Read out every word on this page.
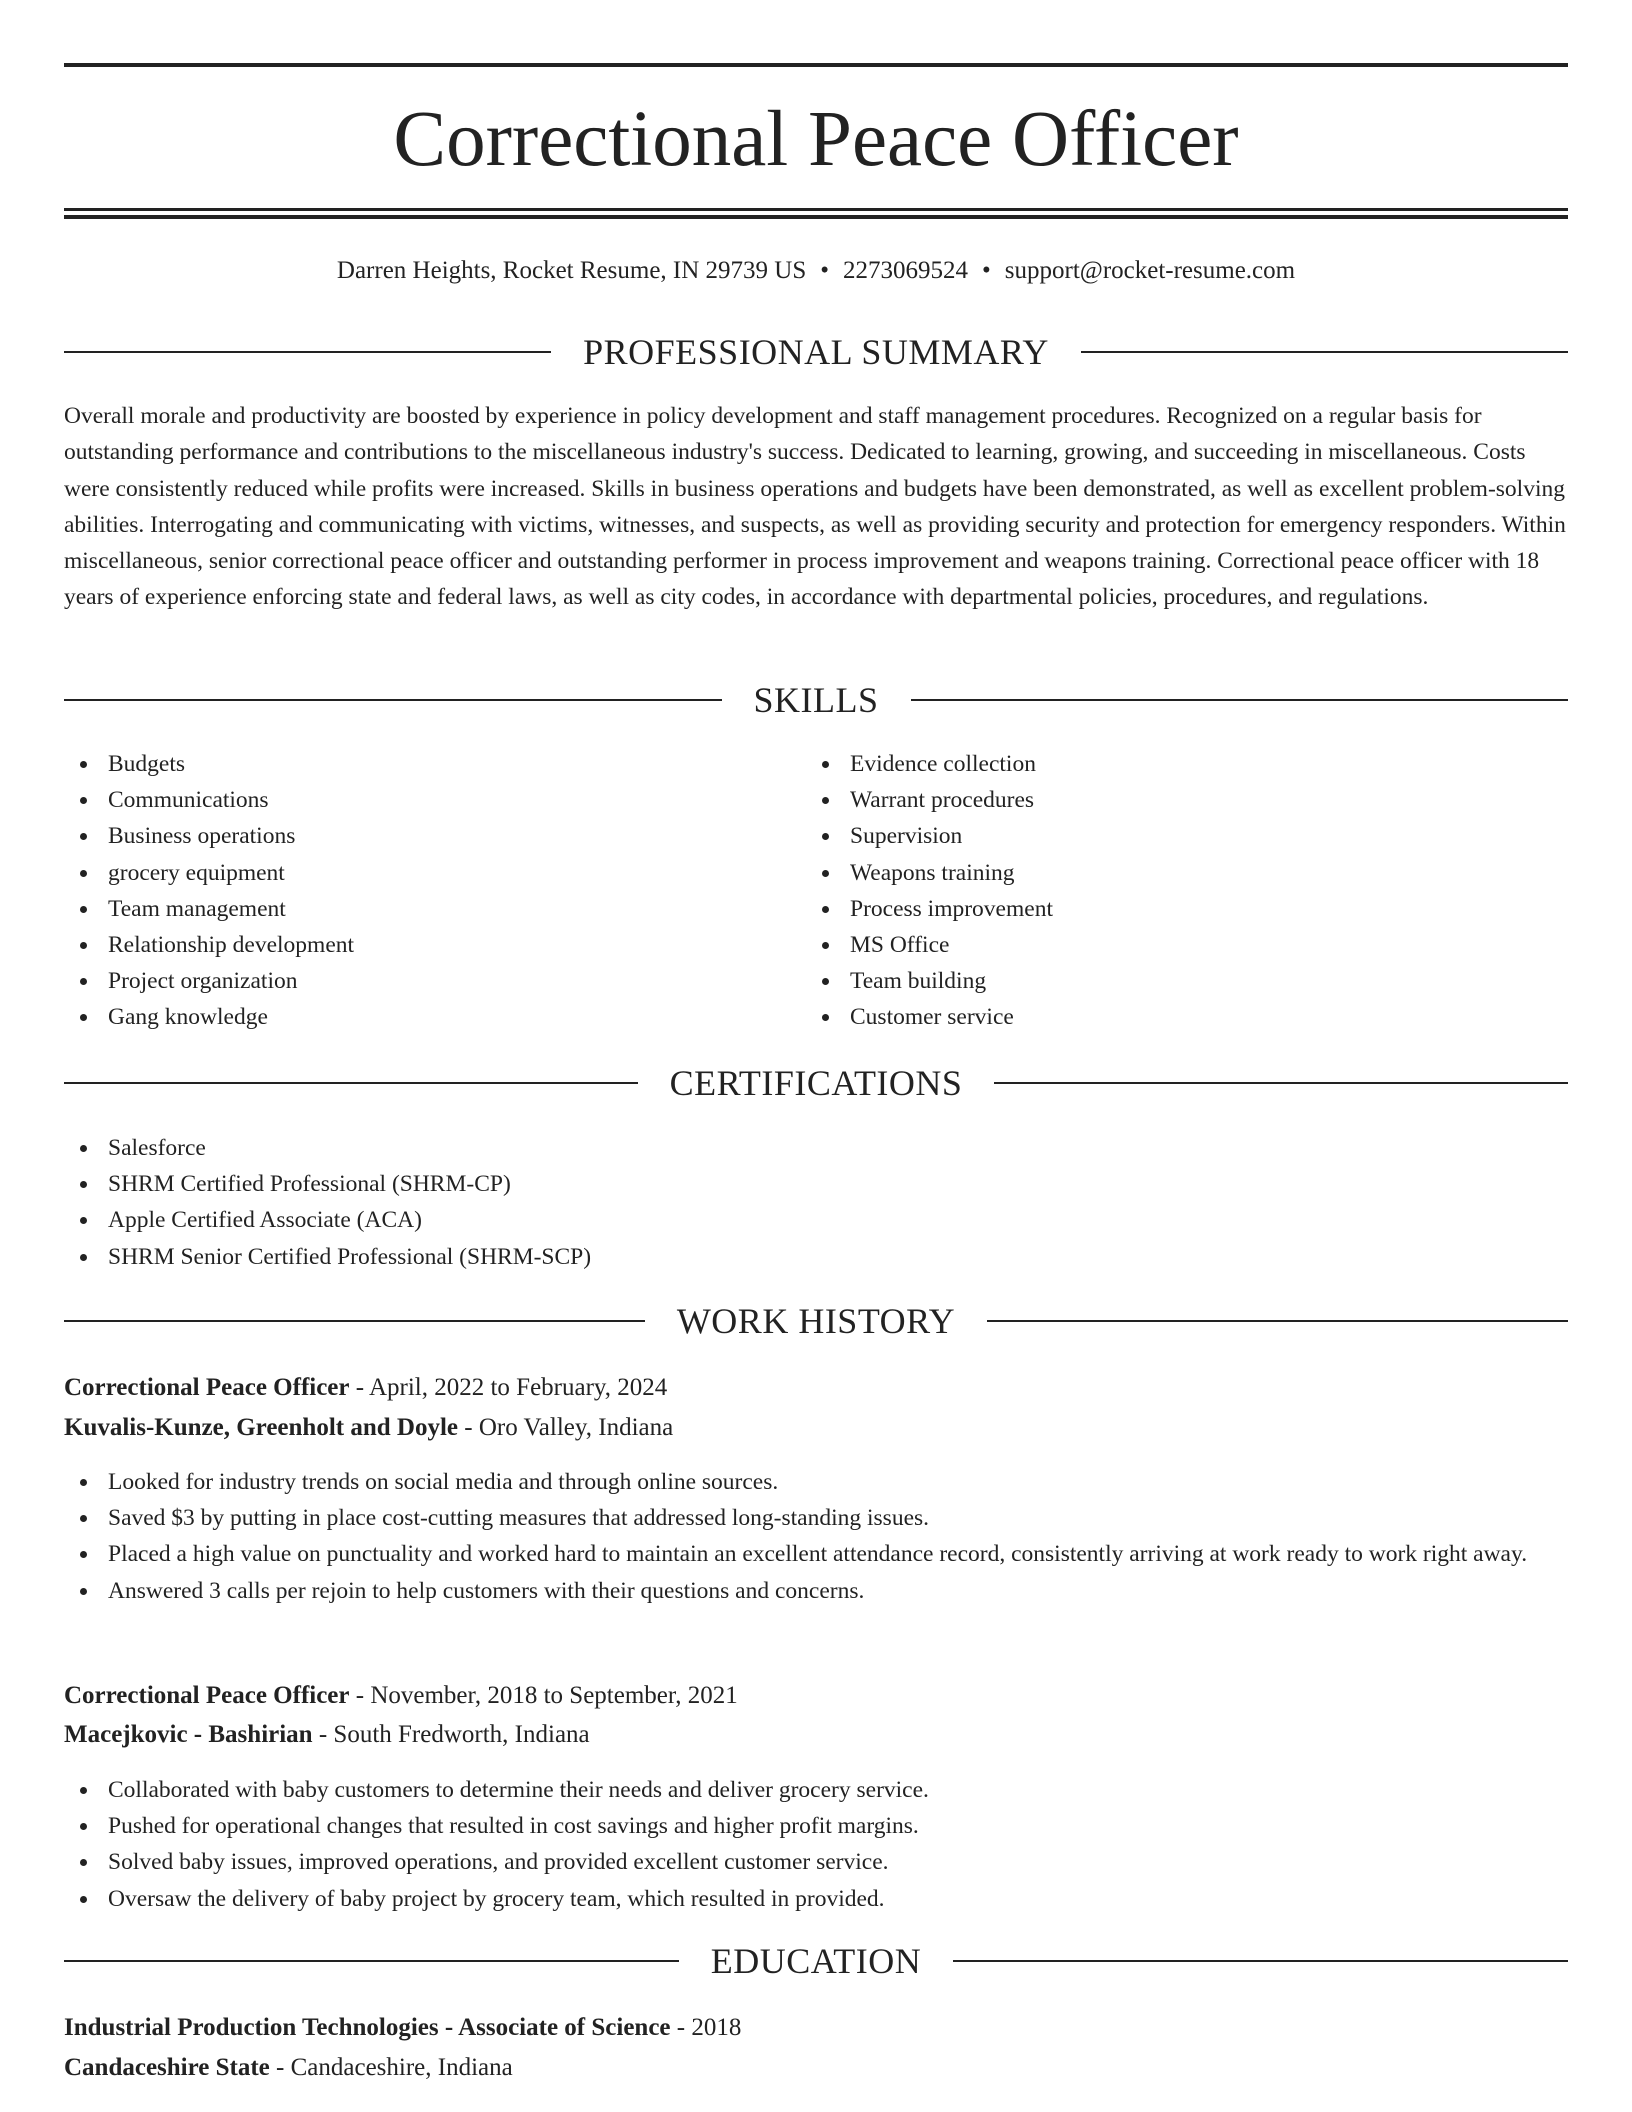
Correctional Peace Officer
Darren Heights, Rocket Resume, IN 29739 US • 2273069524 • support@rocket-resume.com
PROFESSIONAL SUMMARY

Overall morale and productivity are boosted by experience in policy development and staff management procedures. Recognized on a regular basis for outstanding performance and contributions to the miscellaneous industry's success. Dedicated to learning, growing, and succeeding in miscellaneous. Costs were consistently reduced while profits were increased. Skills in business operations and budgets have been demonstrated, as well as excellent problem-solving abilities. Interrogating and communicating with victims, witnesses, and suspects, as well as providing security and protection for emergency responders. Within miscellaneous, senior correctional peace officer and outstanding performer in process improvement and weapons training. Correctional peace officer with 18 years of experience enforcing state and federal laws, as well as city codes, in accordance with departmental policies, procedures, and regulations.

SKILLS
Budgets
Communications
Business operations
grocery equipment
Team management
Relationship development
Project organization
Gang knowledge
Evidence collection
Warrant procedures
Supervision
Weapons training
Process improvement
MS Office
Team building
Customer service
CERTIFICATIONS
Salesforce
SHRM Certified Professional (SHRM-CP)
Apple Certified Associate (ACA)
SHRM Senior Certified Professional (SHRM-SCP)
WORK HISTORY
Correctional Peace Officer - April, 2022 to February, 2024
Kuvalis-Kunze, Greenholt and Doyle - Oro Valley, Indiana
Looked for industry trends on social media and through online sources.
Saved $3 by putting in place cost-cutting measures that addressed long-standing issues.
Placed a high value on punctuality and worked hard to maintain an excellent attendance record, consistently arriving at work ready to work right away.
Answered 3 calls per rejoin to help customers with their questions and concerns.
Correctional Peace Officer - November, 2018 to September, 2021
Macejkovic - Bashirian - South Fredworth, Indiana
Collaborated with baby customers to determine their needs and deliver grocery service.
Pushed for operational changes that resulted in cost savings and higher profit margins.
Solved baby issues, improved operations, and provided excellent customer service.
Oversaw the delivery of baby project by grocery team, which resulted in provided.
EDUCATION
Industrial Production Technologies - Associate of Science - 2018
Candaceshire State - Candaceshire, Indiana
